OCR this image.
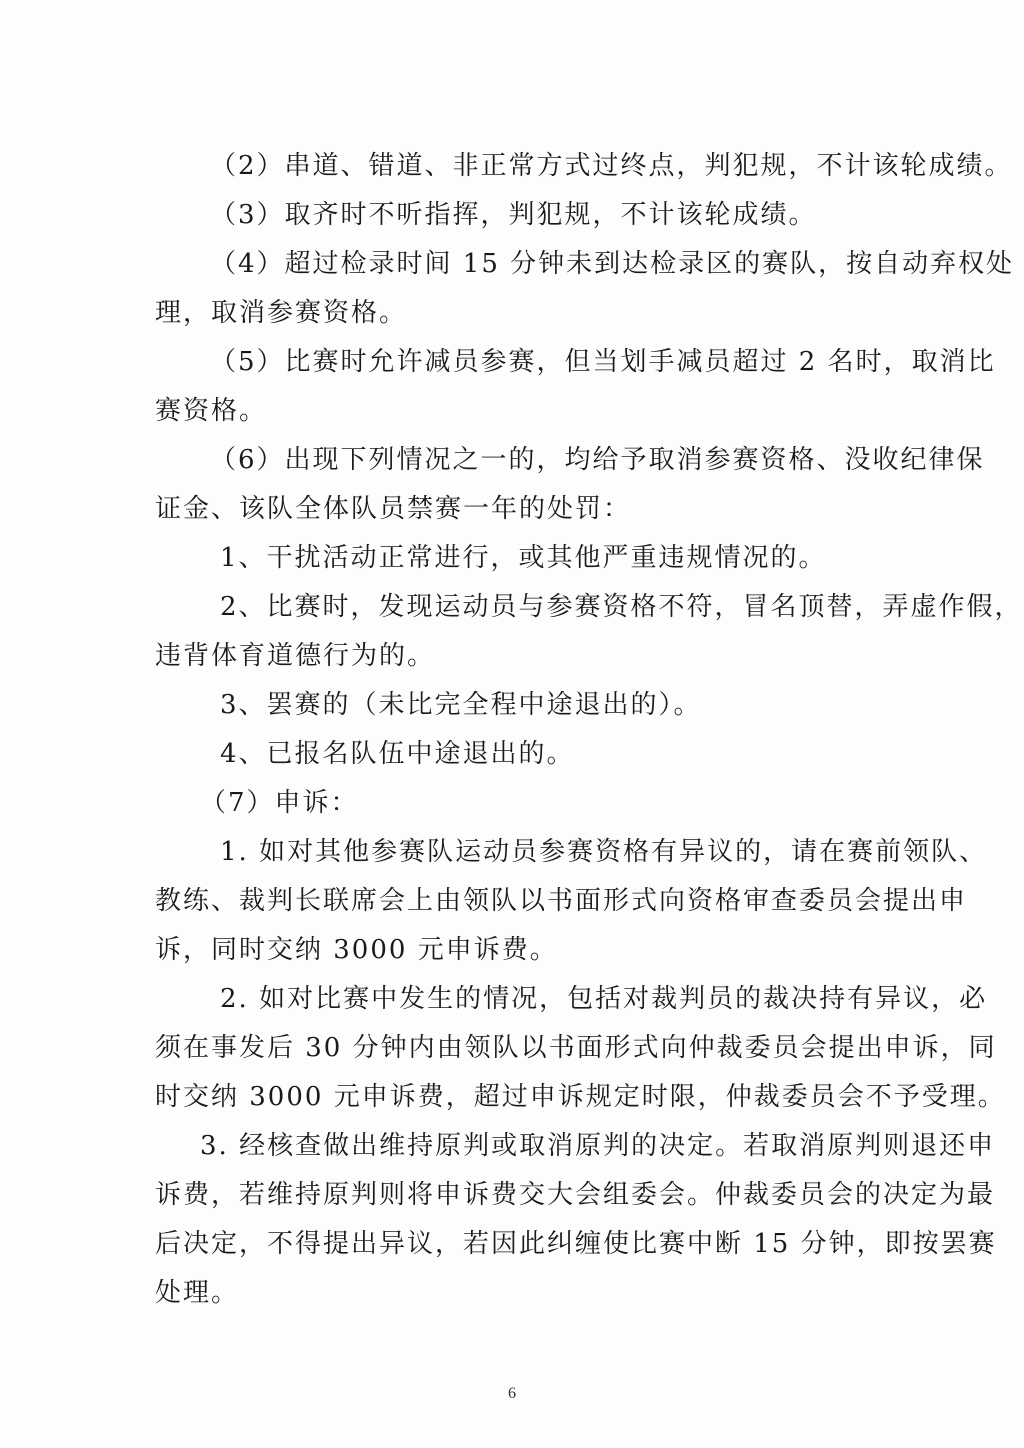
（2）串道、错道、非正常方式过终点，判犯规，不计该轮成绩。
（3）取齐时不听指挥，判犯规，不计该轮成绩。
（4）超过检录时间 15 分钟未到达检录区的赛队，按自动弃权处
理，取消参赛资格。
（5）比赛时允许减员参赛，但当划手减员超过 2 名时，取消比
赛资格。
（6）出现下列情况之一的，均给予取消参赛资格、没收纪律保
证金、该队全体队员禁赛一年的处罚：
1、干扰活动正常进行，或其他严重违规情况的。
2、比赛时，发现运动员与参赛资格不符，冒名顶替，弄虚作假，
违背体育道德行为的。
3、罢赛的（未比完全程中途退出的）。
4、已报名队伍中途退出的。
（7）申诉：
1. 如对其他参赛队运动员参赛资格有异议的，请在赛前领队、
教练、裁判长联席会上由领队以书面形式向资格审查委员会提出申
诉，同时交纳 3000 元申诉费。
2. 如对比赛中发生的情况，包括对裁判员的裁决持有异议，必
须在事发后 30 分钟内由领队以书面形式向仲裁委员会提出申诉，同
时交纳 3000 元申诉费，超过申诉规定时限，仲裁委员会不予受理。
3. 经核查做出维持原判或取消原判的决定。若取消原判则退还申
诉费，若维持原判则将申诉费交大会组委会。仲裁委员会的决定为最
后决定，不得提出异议，若因此纠缠使比赛中断 15 分钟，即按罢赛
处理。
6
